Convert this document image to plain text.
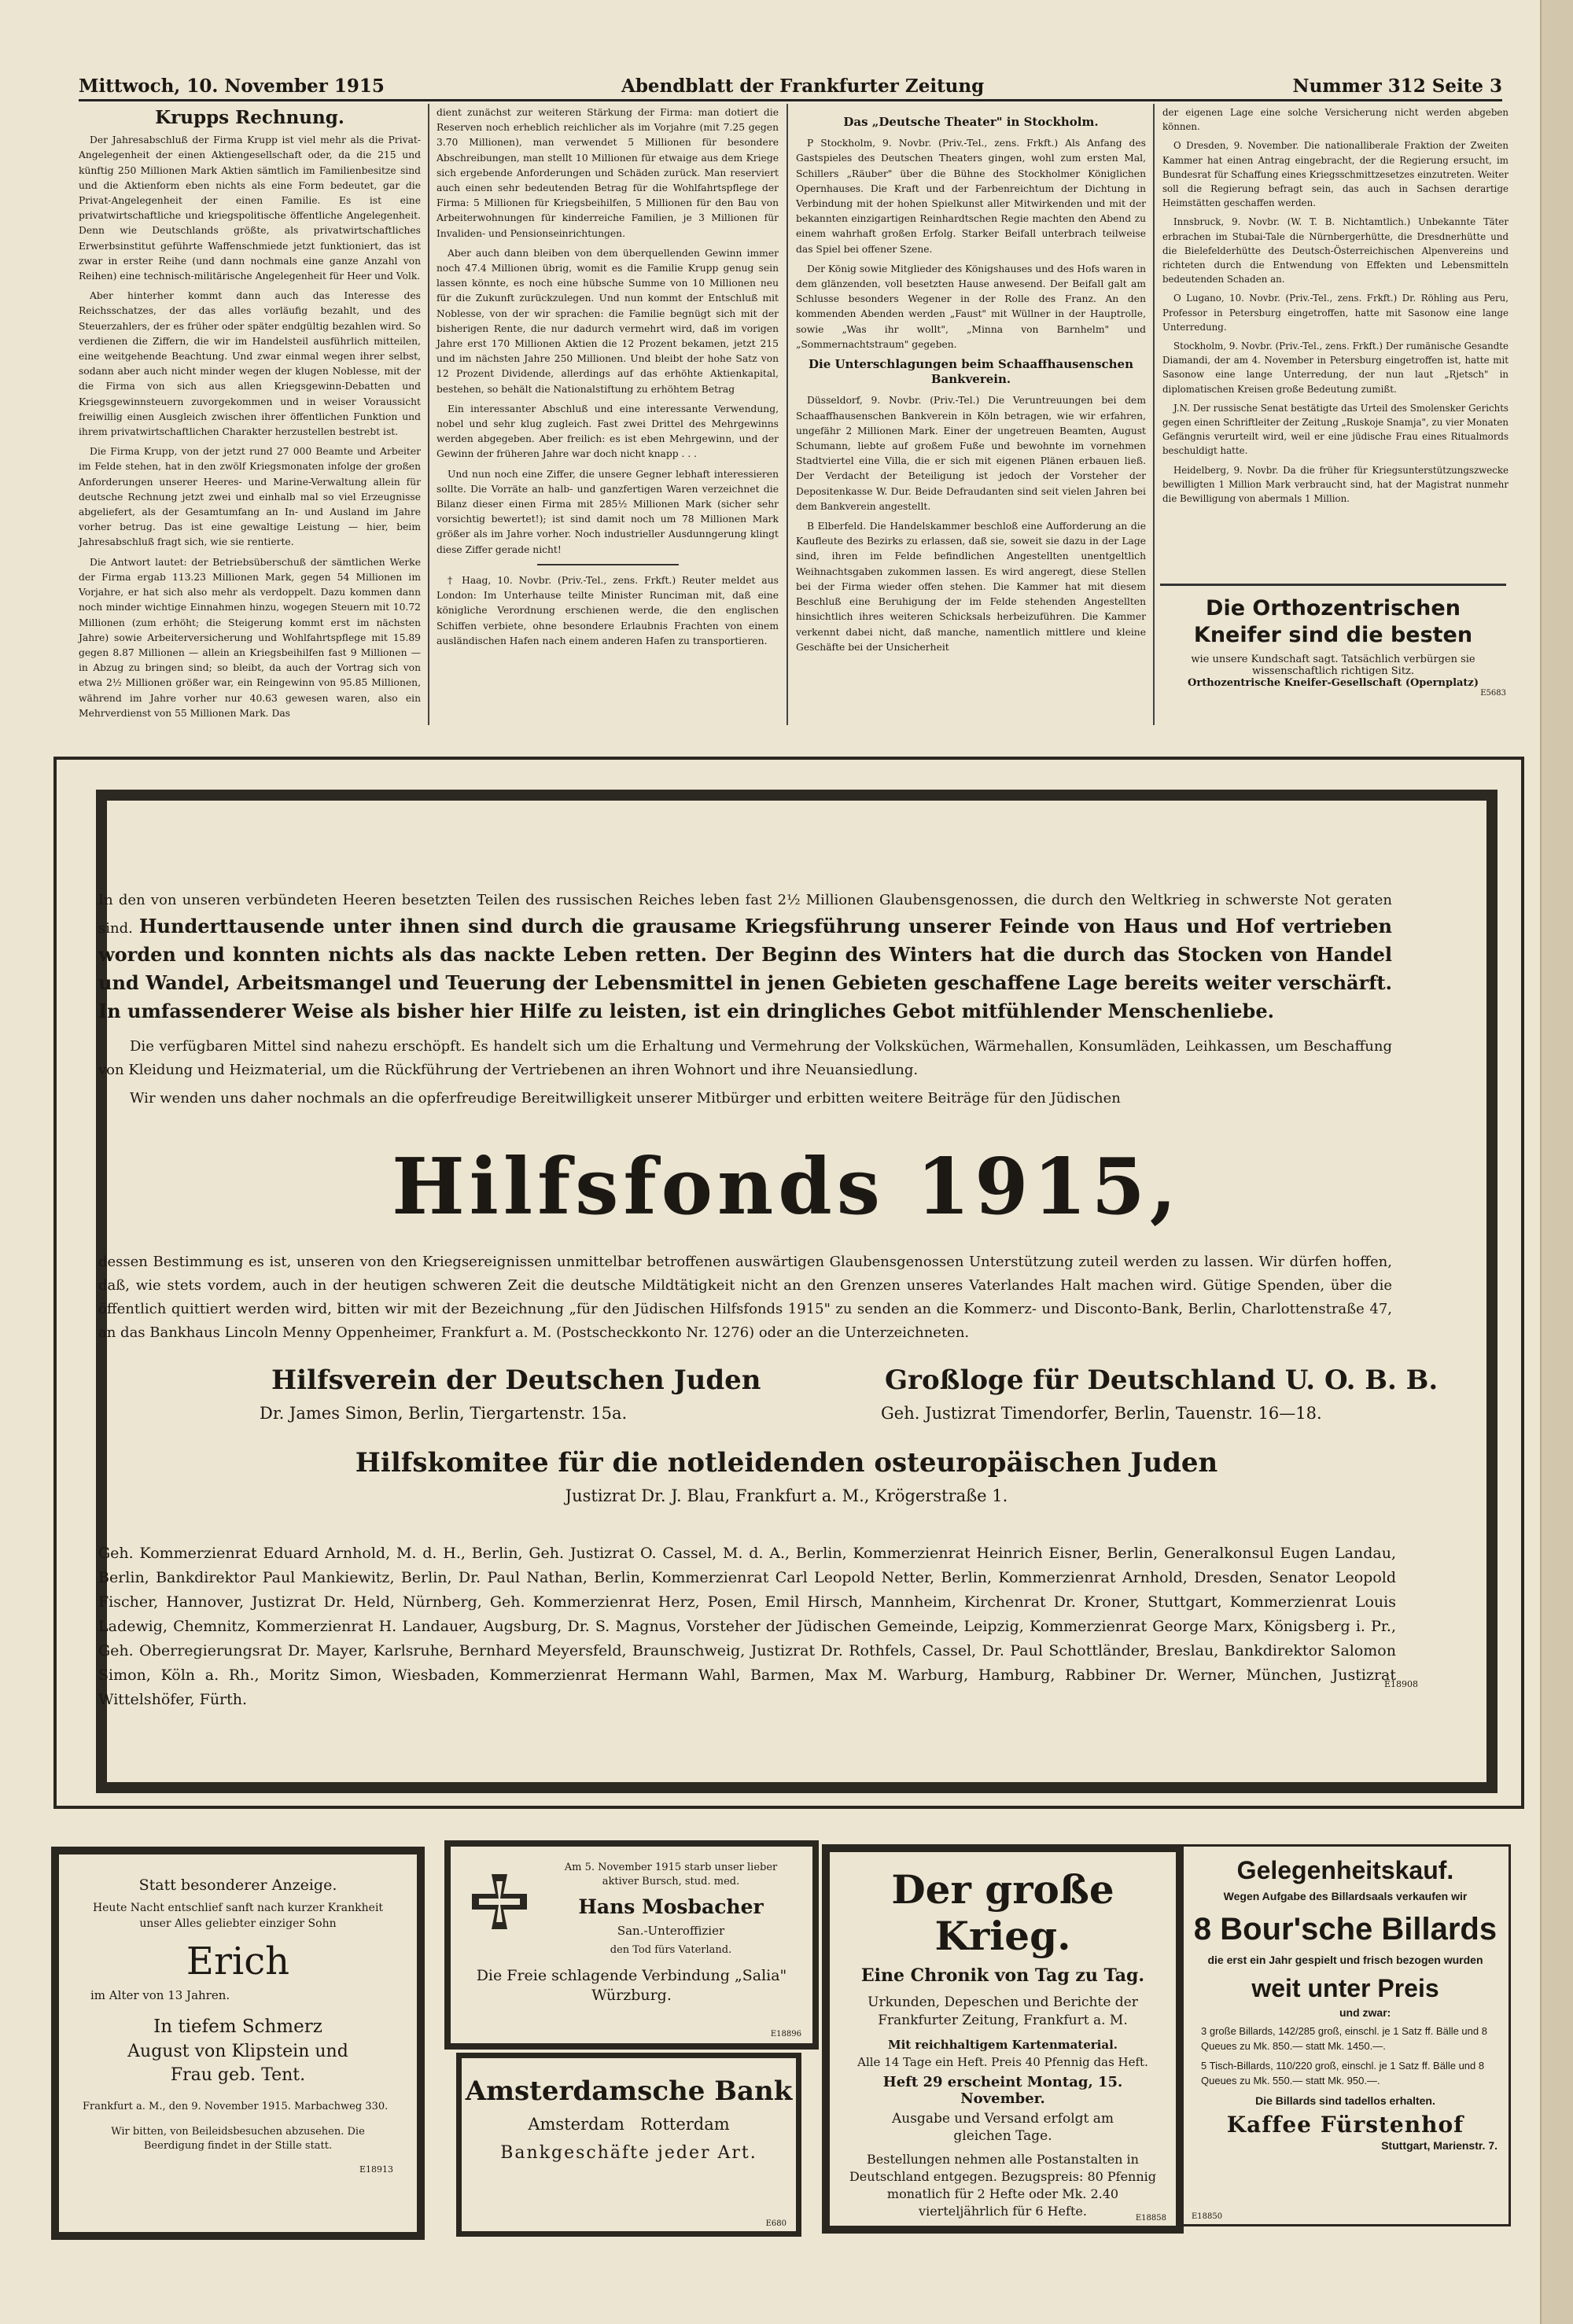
Mittwoch, 10. November 1915	Abendblatt der Frankfurter Zeitung	Nummer 312 Seite 3
Krupps Rechnung.

Der Jahresabschluß der Firma Krupp ist viel mehr als die Privat-Angelegenheit der einen Aktiengesellschaft oder, da die 215 und künftig 250 Millionen Mark Aktien sämtlich im Familienbesitze sind und die Aktienform eben nichts als eine Form bedeutet, gar die Privat-Angelegenheit der einen Familie. Es ist eine privatwirtschaftliche und kriegspolitische öffentliche Angelegenheit. Denn wie Deutschlands größte, als privatwirtschaftliches Erwerbsinstitut geführte Waffenschmiede jetzt funktioniert, das ist zwar in erster Reihe (und dann nochmals eine ganze Anzahl von Reihen) eine technisch-militärische Angelegenheit für Heer und Volk.

Aber hinterher kommt dann auch das Interesse des Reichsschatzes, der das alles vorläufig bezahlt, und des Steuerzahlers, der es früher oder später endgültig bezahlen wird. So verdienen die Ziffern, die wir im Handelsteil ausführlich mitteilen, eine weitgehende Beachtung. Und zwar einmal wegen ihrer selbst, sodann aber auch nicht minder wegen der klugen Noblesse, mit der die Firma von sich aus allen Kriegsgewinn-Debatten und Kriegsgewinnsteuern zuvorgekommen und in weiser Voraussicht freiwillig einen Ausgleich zwischen ihrer öffentlichen Funktion und ihrem privatwirtschaftlichen Charakter herzustellen bestrebt ist.

Die Firma Krupp, von der jetzt rund 27 000 Beamte und Arbeiter im Felde stehen, hat in den zwölf Kriegsmonaten infolge der großen Anforderungen unserer Heeres- und Marine-Verwaltung allein für deutsche Rechnung jetzt zwei und einhalb mal so viel Erzeugnisse abgeliefert, als der Gesamtumfang an In- und Ausland im Jahre vorher betrug. Das ist eine gewaltige Leistung — hier, beim Jahresabschluß fragt sich, wie sie rentierte.

Die Antwort lautet: der Betriebsüberschuß der sämtlichen Werke der Firma ergab 113.23 Millionen Mark, gegen 54 Millionen im Vorjahre, er hat sich also mehr als verdoppelt. Dazu kommen dann noch minder wichtige Einnahmen hinzu, wogegen Steuern mit 10.72 Millionen (zum erhöht; die Steigerung kommt erst im nächsten Jahre) sowie Arbeiterversicherung und Wohlfahrtspflege mit 15.89 gegen 8.87 Millionen — allein an Kriegsbeihilfen fast 9 Millionen — in Abzug zu bringen sind; so bleibt, da auch der Vortrag sich von etwa 2½ Millionen größer war, ein Reingewinn von 95.85 Millionen, während im Jahre vorher nur 40.63 gewesen waren, also ein Mehrverdienst von 55 Millionen Mark. Das

dient zunächst zur weiteren Stärkung der Firma: man dotiert die Reserven noch erheblich reichlicher als im Vorjahre (mit 7.25 gegen 3.70 Millionen), man verwendet 5 Millionen für besondere Abschreibungen, man stellt 10 Millionen für etwaige aus dem Kriege sich ergebende Anforderungen und Schäden zurück. Man reserviert auch einen sehr bedeutenden Betrag für die Wohlfahrtspflege der Firma: 5 Millionen für Kriegsbeihilfen, 5 Millionen für den Bau von Arbeiterwohnungen für kinderreiche Familien, je 3 Millionen für Invaliden- und Pensionseinrichtungen.

Aber auch dann bleiben von dem überquellenden Gewinn immer noch 47.4 Millionen übrig, womit es die Familie Krupp genug sein lassen könnte, es noch eine hübsche Summe von 10 Millionen neu für die Zukunft zurückzulegen. Und nun kommt der Entschluß mit Noblesse, von der wir sprachen: die Familie begnügt sich mit der bisherigen Rente, die nur dadurch vermehrt wird, daß im vorigen Jahre erst 170 Millionen Aktien die 12 Prozent bekamen, jetzt 215 und im nächsten Jahre 250 Millionen. Und bleibt der hohe Satz von 12 Prozent Dividende, allerdings auf das erhöhte Aktienkapital, bestehen, so behält die Nationalstiftung zu erhöhtem Betrag

Ein interessanter Abschluß und eine interessante Verwendung, nobel und sehr klug zugleich. Fast zwei Drittel des Mehrgewinns werden abgegeben. Aber freilich: es ist eben Mehrgewinn, und der Gewinn der früheren Jahre war doch nicht knapp . . .

Und nun noch eine Ziffer, die unsere Gegner lebhaft interessieren sollte. Die Vorräte an halb- und ganzfertigen Waren verzeichnet die Bilanz dieser einen Firma mit 285½ Millionen Mark (sicher sehr vorsichtig bewertet!); ist sind damit noch um 78 Millionen Mark größer als im Jahre vorher. Noch industrieller Ausdunngerung klingt diese Ziffer gerade nicht!

† Haag, 10. Novbr. (Priv.-Tel., zens. Frkft.) Reuter meldet aus London: Im Unterhause teilte Minister Runciman mit, daß eine königliche Verordnung erschienen werde, die den englischen Schiffen verbiete, ohne besondere Erlaubnis Frachten von einem ausländischen Hafen nach einem anderen Hafen zu transportieren.

Das „Deutsche Theater" in Stockholm.

P Stockholm, 9. Novbr. (Priv.-Tel., zens. Frkft.) Als Anfang des Gastspieles des Deutschen Theaters gingen, wohl zum ersten Mal, Schillers „Räuber" über die Bühne des Stockholmer Königlichen Opernhauses. Die Kraft und der Farbenreichtum der Dichtung in Verbindung mit der hohen Spielkunst aller Mitwirkenden und mit der bekannten einzigartigen Reinhardtschen Regie machten den Abend zu einem wahrhaft großen Erfolg. Starker Beifall unterbrach teilweise das Spiel bei offener Szene.

Der König sowie Mitglieder des Königshauses und des Hofs waren in dem glänzenden, voll besetzten Hause anwesend. Der Beifall galt am Schlusse besonders Wegener in der Rolle des Franz. An den kommenden Abenden werden „Faust" mit Wüllner in der Hauptrolle, sowie „Was ihr wollt", „Minna von Barnhelm" und „Sommernachtstraum" gegeben.

Die Unterschlagungen beim Schaaffhausenschen Bankverein.

Düsseldorf, 9. Novbr. (Priv.-Tel.) Die Veruntreuungen bei dem Schaaffhausenschen Bankverein in Köln betragen, wie wir erfahren, ungefähr 2 Millionen Mark. Einer der ungetreuen Beamten, August Schumann, liebte auf großem Fuße und bewohnte im vornehmen Stadtviertel eine Villa, die er sich mit eigenen Plänen erbauen ließ. Der Verdacht der Beteiligung ist jedoch der Vorsteher der Depositenkasse W. Dur. Beide Defraudanten sind seit vielen Jahren bei dem Bankverein angestellt.

B Elberfeld. Die Handelskammer beschloß eine Aufforderung an die Kaufleute des Bezirks zu erlassen, daß sie, soweit sie dazu in der Lage sind, ihren im Felde befindlichen Angestellten unentgeltlich Weihnachtsgaben zukommen lassen. Es wird angeregt, diese Stellen bei der Firma wieder offen stehen. Die Kammer hat mit diesem Beschluß eine Beruhigung der im Felde stehenden Angestellten hinsichtlich ihres weiteren Schicksals herbeizuführen. Die Kammer verkennt dabei nicht, daß manche, namentlich mittlere und kleine Geschäfte bei der Unsicherheit

der eigenen Lage eine solche Versicherung nicht werden abgeben können.

O Dresden, 9. November. Die nationalliberale Fraktion der Zweiten Kammer hat einen Antrag eingebracht, der die Regierung ersucht, im Bundesrat für Schaffung eines Kriegsschmittzesetzes einzutreten. Weiter soll die Regierung befragt sein, das auch in Sachsen derartige Heimstätten geschaffen werden.

Innsbruck, 9. Novbr. (W. T. B. Nichtamtlich.) Unbekannte Täter erbrachen im Stubai-Tale die Nürnbergerhütte, die Dresdnerhütte und die Bielefelderhütte des Deutsch-Österreichischen Alpenvereins und richteten durch die Entwendung von Effekten und Lebensmitteln bedeutenden Schaden an.

O Lugano, 10. Novbr. (Priv.-Tel., zens. Frkft.) Dr. Röhling aus Peru, Professor in Petersburg eingetroffen, hatte mit Sasonow eine lange Unterredung.

Stockholm, 9. Novbr. (Priv.-Tel., zens. Frkft.) Der rumänische Gesandte Diamandi, der am 4. November in Petersburg eingetroffen ist, hatte mit Sasonow eine lange Unterredung, der nun laut „Rjetsch" in diplomatischen Kreisen große Bedeutung zumißt.

J.N. Der russische Senat bestätigte das Urteil des Smolensker Gerichts gegen einen Schriftleiter der Zeitung „Ruskoje Snamja", zu vier Monaten Gefängnis verurteilt wird, weil er eine jüdische Frau eines Ritualmords beschuldigt hatte.

Heidelberg, 9. Novbr. Da die früher für Kriegsunterstützungszwecke bewilligten 1 Million Mark verbraucht sind, hat der Magistrat nunmehr die Bewilligung von abermals 1 Million.

Die Orthozentrischen Kneifer sind die besten
wie unsere Kundschaft sagt. Tatsächlich verbürgen sie wissenschaftlich richtigen Sitz.
Orthozentrische Kneifer-Gesellschaft (Opernplatz)
E5683
In den von unseren verbündeten Heeren besetzten Teilen des russischen Reiches leben fast 2½ Millionen Glaubensgenossen, die durch den Weltkrieg in schwerste Not geraten sind. Hunderttausende unter ihnen sind durch die grausame Kriegsführung unserer Feinde von Haus und Hof vertrieben worden und konnten nichts als das nackte Leben retten. Der Beginn des Winters hat die durch das Stocken von Handel und Wandel, Arbeitsmangel und Teuerung der Lebensmittel in jenen Gebieten geschaffene Lage bereits weiter verschärft. In umfassenderer Weise als bisher hier Hilfe zu leisten, ist ein dringliches Gebot mitfühlender Menschenliebe.
Die verfügbaren Mittel sind nahezu erschöpft. Es handelt sich um die Erhaltung und Vermehrung der Volksküchen, Wärmehallen, Konsumläden, Leihkassen, um Beschaffung von Kleidung und Heizmaterial, um die Rückführung der Vertriebenen an ihren Wohnort und ihre Neuansiedlung.
Wir wenden uns daher nochmals an die opferfreudige Bereitwilligkeit unserer Mitbürger und erbitten weitere Beiträge für den Jüdischen
Hilfsfonds 1915,
dessen Bestimmung es ist, unseren von den Kriegsereignissen unmittelbar betroffenen auswärtigen Glaubensgenossen Unterstützung zuteil werden zu lassen. Wir dürfen hoffen, daß, wie stets vordem, auch in der heutigen schweren Zeit die deutsche Mildtätigkeit nicht an den Grenzen unseres Vaterlandes Halt machen wird. Gütige Spenden, über die öffentlich quittiert werden wird, bitten wir mit der Bezeichnung „für den Jüdischen Hilfsfonds 1915" zu senden an die Kommerz- und Disconto-Bank, Berlin, Charlottenstraße 47, an das Bankhaus Lincoln Menny Oppenheimer, Frankfurt a. M. (Postscheckkonto Nr. 1276) oder an die Unterzeichneten.
Hilfsverein der Deutschen Juden
Dr. James Simon, Berlin, Tiergartenstr. 15a.
Großloge für Deutschland U. O. B. B.
Geh. Justizrat Timendorfer, Berlin, Tauenstr. 16—18.
Hilfskomitee für die notleidenden osteuropäischen Juden
Justizrat Dr. J. Blau, Frankfurt a. M., Krögerstraße 1.
Geh. Kommerzienrat Eduard Arnhold, M. d. H., Berlin, Geh. Justizrat O. Cassel, M. d. A., Berlin, Kommerzienrat Heinrich Eisner, Berlin, Generalkonsul Eugen Landau, Berlin, Bankdirektor Paul Mankiewitz, Berlin, Dr. Paul Nathan, Berlin, Kommerzienrat Carl Leopold Netter, Berlin, Kommerzienrat Arnhold, Dresden, Senator Leopold Fischer, Hannover, Justizrat Dr. Held, Nürnberg, Geh. Kommerzienrat Herz, Posen, Emil Hirsch, Mannheim, Kirchenrat Dr. Kroner, Stuttgart, Kommerzienrat Louis Ladewig, Chemnitz, Kommerzienrat H. Landauer, Augsburg, Dr. S. Magnus, Vorsteher der Jüdischen Gemeinde, Leipzig, Kommerzienrat George Marx, Königsberg i. Pr., Geh. Oberregierungsrat Dr. Mayer, Karlsruhe, Bernhard Meyersfeld, Braunschweig, Justizrat Dr. Rothfels, Cassel, Dr. Paul Schottländer, Breslau, Bankdirektor Salomon Simon, Köln a. Rh., Moritz Simon, Wiesbaden, Kommerzienrat Hermann Wahl, Barmen, Max M. Warburg, Hamburg, Rabbiner Dr. Werner, München, Justizrat Wittelshöfer, Fürth.
E18908
Statt besonderer Anzeige.
Heute Nacht entschlief sanft nach kurzer Krankheit unser Alles geliebter einziger Sohn
Erich
im Alter von 13 Jahren.
In tiefem Schmerz
August von Klipstein und Frau geb. Tent.
Frankfurt a. M., den 9. November 1915. Marbachweg 330.
Wir bitten, von Beileidsbesuchen abzusehen. Die Beerdigung findet in der Stille statt.
E18913
Am 5. November 1915 starb unser lieber aktiver Bursch, stud. med.
Hans Mosbacher
San.-Unteroffizier
den Tod fürs Vaterland.
Die Freie schlagende Verbindung „Salia" Würzburg.
E18896
Amsterdamsche Bank
Amsterdam   Rotterdam
Bankgeschäfte jeder Art.
E680
Der große Krieg.
Eine Chronik von Tag zu Tag.
Urkunden, Depeschen und Berichte der Frankfurter Zeitung, Frankfurt a. M.
Mit reichhaltigem Kartenmaterial.
Alle 14 Tage ein Heft. Preis 40 Pfennig das Heft.
Heft 29 erscheint Montag, 15. November.
Ausgabe und Versand erfolgt am gleichen Tage.
Bestellungen nehmen alle Postanstalten in Deutschland entgegen. Bezugspreis: 80 Pfennig monatlich für 2 Hefte oder Mk. 2.40 vierteljährlich für 6 Hefte.	E18858
Gelegenheitskauf.
Wegen Aufgabe des Billardsaals verkaufen wir
8 Bour'sche Billards
die erst ein Jahr gespielt und frisch bezogen wurden
weit unter Preis
und zwar:
3 große Billards, 142/285 groß, einschl. je 1 Satz ff. Bälle und 8 Queues zu Mk. 850.— statt Mk. 1450.—.
5 Tisch-Billards, 110/220 groß, einschl. je 1 Satz ff. Bälle und 8 Queues zu Mk. 550.— statt Mk. 950.—.
Die Billards sind tadellos erhalten.
Kaffee Fürstenhof
Stuttgart, Marienstr. 7.
E18850
